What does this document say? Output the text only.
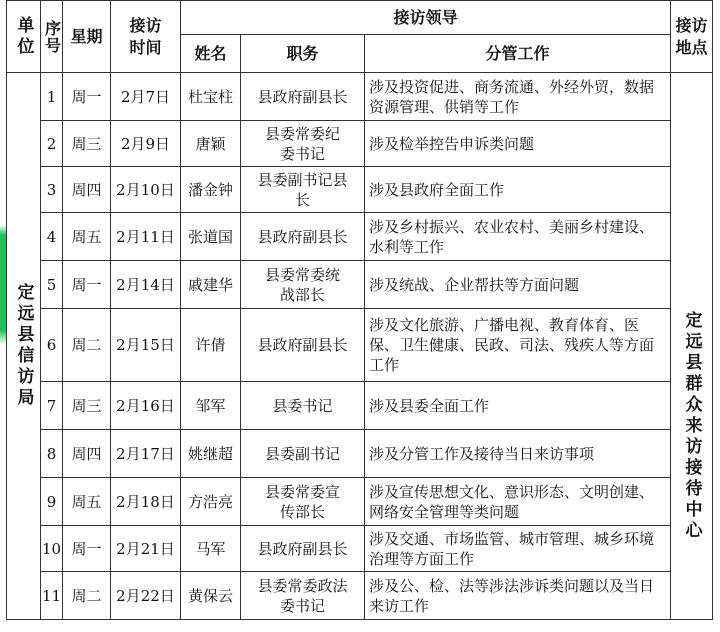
单位	序号	星期	接访时间	接访领导			接访地点

				姓名	职务	分管工作	

定远县信访局	1	周一	2月7日	杜宝柱	县政府副县长	涉及投资促进、商务流通、外经外贸，数据资源管理、供销等工作	定远县群众来访接待中心

	2	周三	2月9日	唐颖	县委常委纪委书记	涉及检举控告申诉类问题	
	3	周四	2月10日	潘金钟	县委副书记县长	涉及县政府全面工作	
	4	周五	2月11日	张道国	县政府副县长	涉及乡村振兴、农业农村、美丽乡村建设、水利等工作	
	5	周一	2月14日	戚建华	县委常委统战部长	涉及统战、企业帮扶等方面问题	
	6	周二	2月15日	许倩	县政府副县长	涉及文化旅游、广播电视、教育体育、医保、卫生健康、民政、司法、残疾人等方面工作	
	7	周三	2月16日	邹军	县委书记	涉及县委全面工作	
	8	周四	2月17日	姚继超	县委副书记	涉及分管工作及接待当日来访事项	
	9	周五	2月18日	方浩亮	县委常委宣传部长	涉及宣传思想文化、意识形态、文明创建、网络安全管理等类问题	
	10	周一	2月21日	马军	县政府副县长	涉及交通、市场监管、城市管理、城乡环境治理等方面工作	
	11	周二	2月22日	黄保云	县委常委政法委书记	涉及公、检、法等涉法涉诉类问题以及当日来访工作	
